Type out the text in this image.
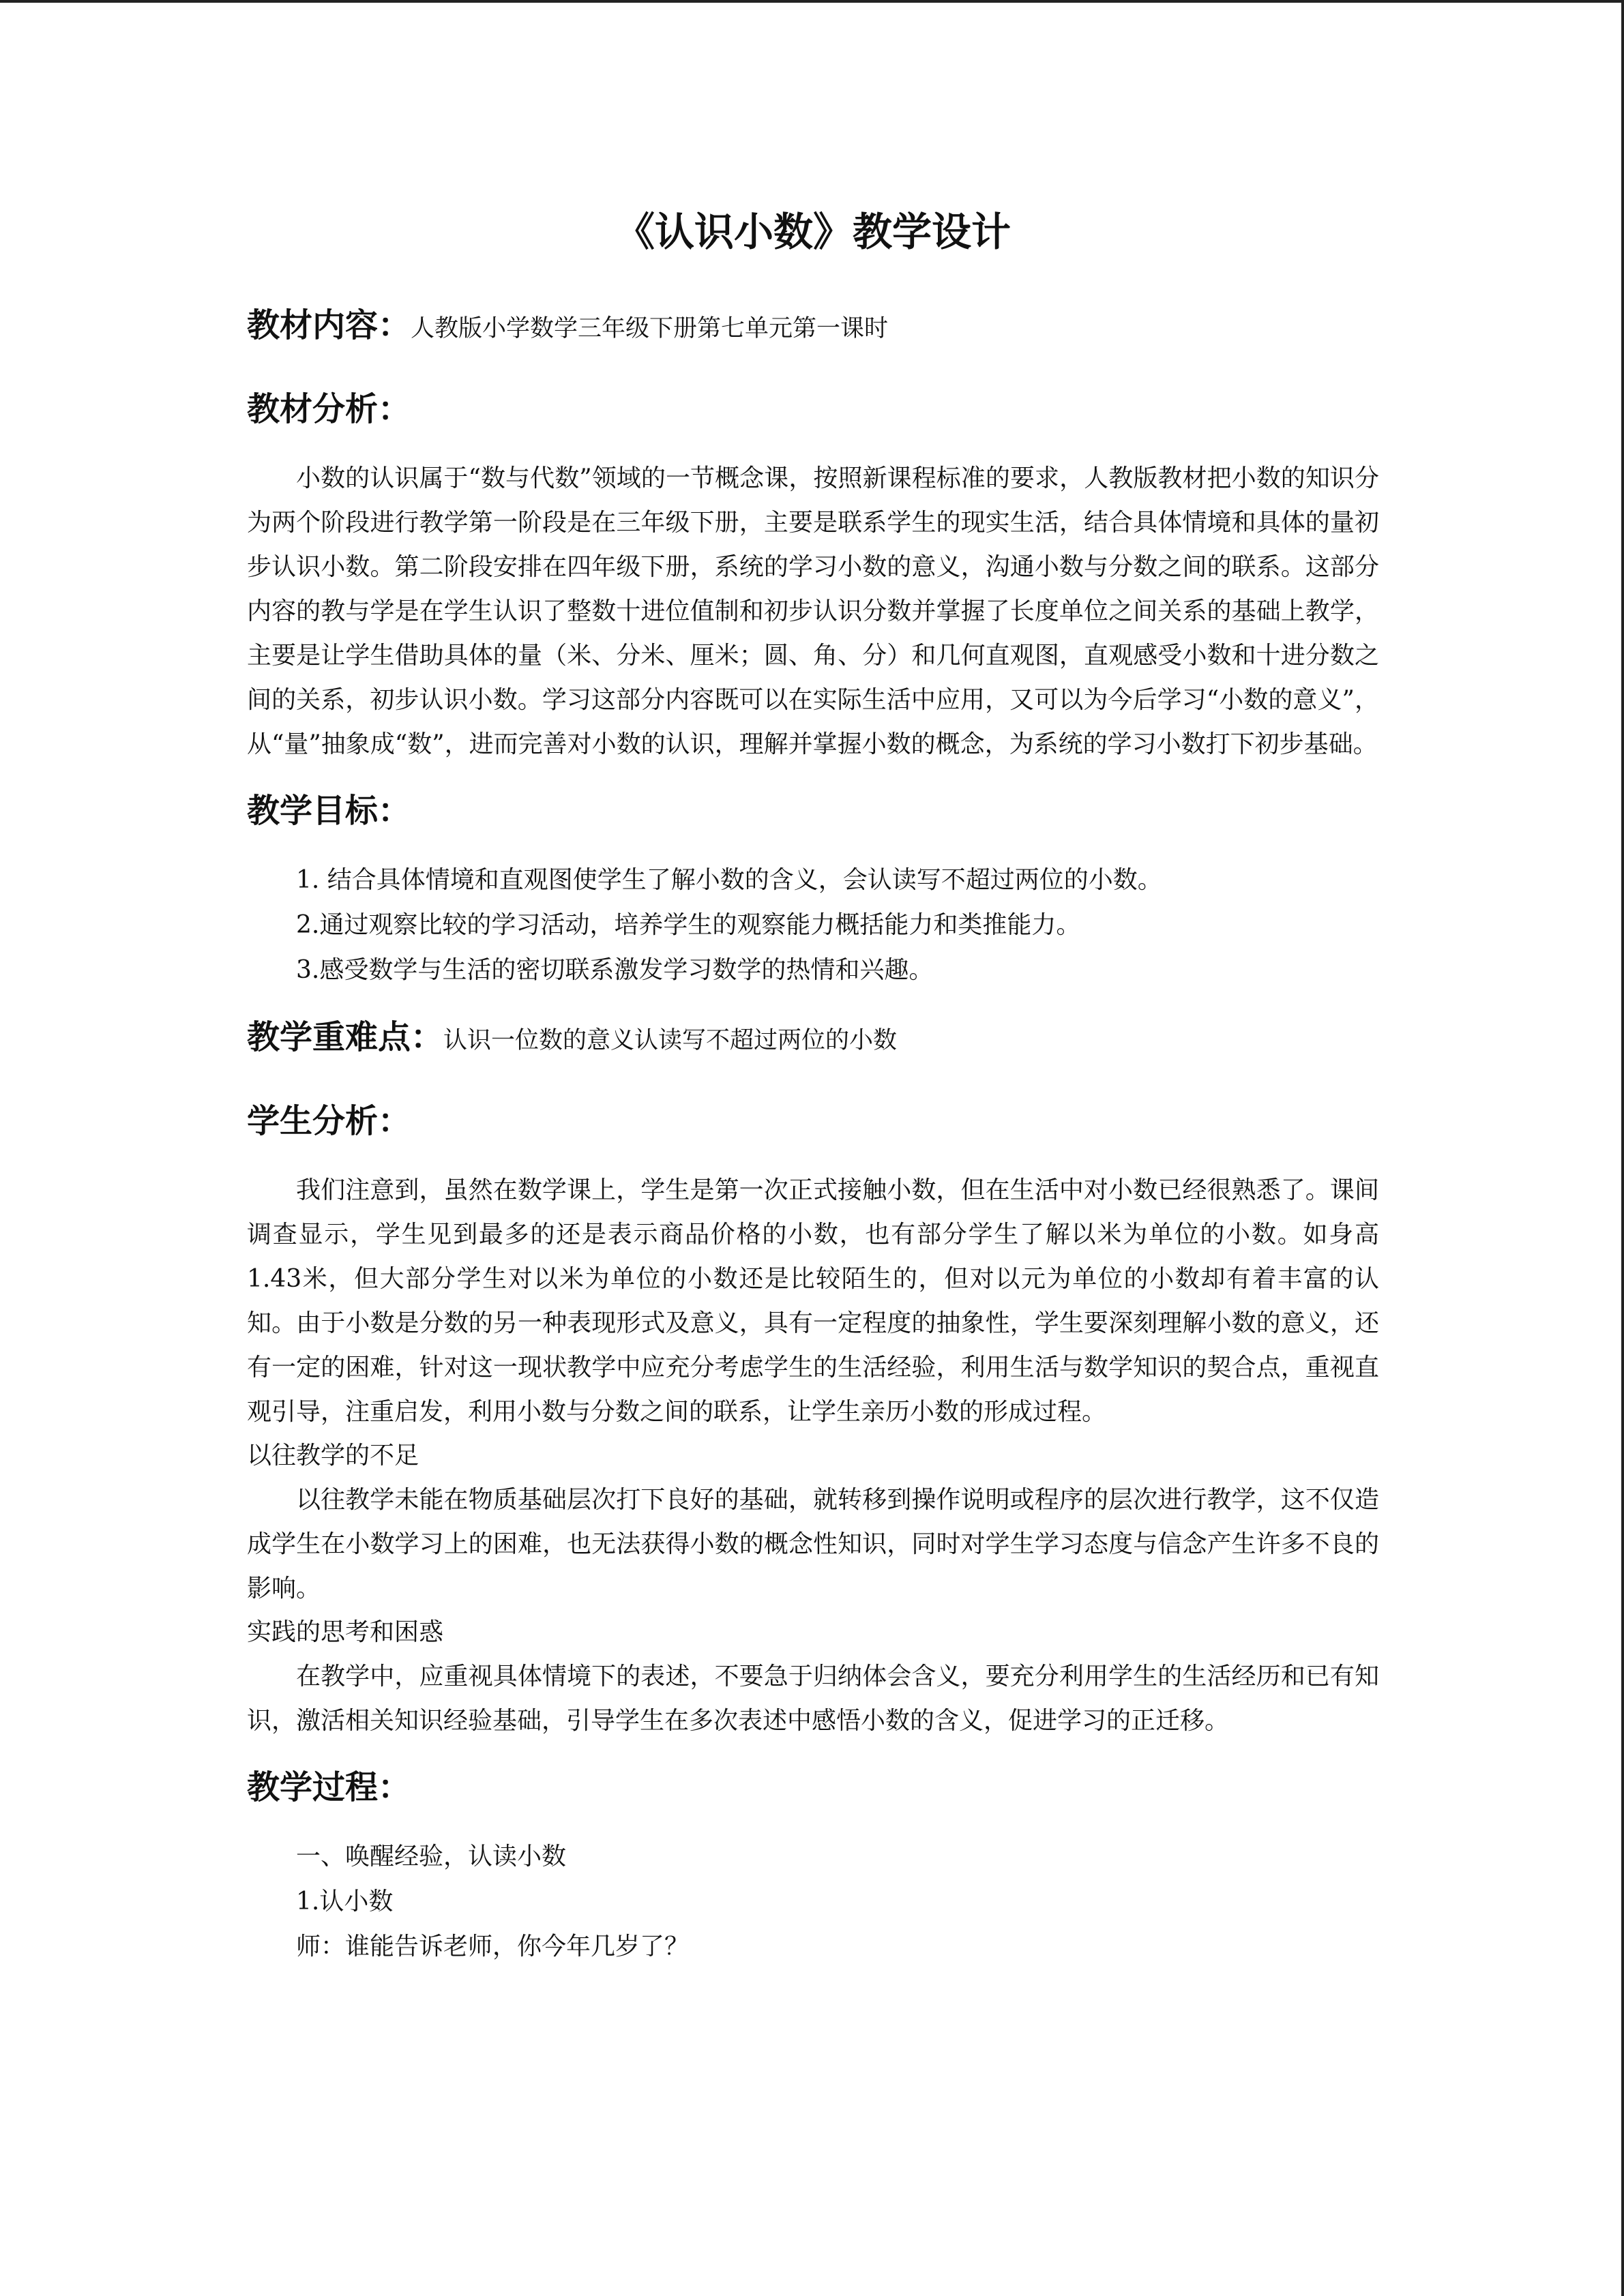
《认识小数》教学设计
教材内容：人教版小学数学三年级下册第七单元第一课时
教材分析：

小数的认识属于“数与代数”领域的一节概念课，按照新课程标准的要求，人教版教材把小数的知识分为两个阶段进行教学第一阶段是在三年级下册，主要是联系学生的现实生活，结合具体情境和具体的量初步认识小数。第二阶段安排在四年级下册，系统的学习小数的意义，沟通小数与分数之间的联系。这部分内容的教与学是在学生认识了整数十进位值制和初步认识分数并掌握了长度单位之间关系的基础上教学，主要是让学生借助具体的量（米、分米、厘米；圆、角、分）和几何直观图，直观感受小数和十进分数之间的关系，初步认识小数。学习这部分内容既可以在实际生活中应用，又可以为今后学习“小数的意义”，从“量”抽象成“数”，进而完善对小数的认识，理解并掌握小数的概念，为系统的学习小数打下初步基础。

教学目标：

1. 结合具体情境和直观图使学生了解小数的含义，会认读写不超过两位的小数。

2.通过观察比较的学习活动，培养学生的观察能力概括能力和类推能力。

3.感受数学与生活的密切联系激发学习数学的热情和兴趣。

教学重难点：认识一位数的意义认读写不超过两位的小数
学生分析：

我们注意到，虽然在数学课上，学生是第一次正式接触小数，但在生活中对小数已经很熟悉了。课间调查显示，学生见到最多的还是表示商品价格的小数，也有部分学生了解以米为单位的小数。如身高1.43米，但大部分学生对以米为单位的小数还是比较陌生的，但对以元为单位的小数却有着丰富的认知。由于小数是分数的另一种表现形式及意义，具有一定程度的抽象性，学生要深刻理解小数的意义，还有一定的困难，针对这一现状教学中应充分考虑学生的生活经验，利用生活与数学知识的契合点，重视直观引导，注重启发，利用小数与分数之间的联系，让学生亲历小数的形成过程。

以往教学的不足

以往教学未能在物质基础层次打下良好的基础，就转移到操作说明或程序的层次进行教学，这不仅造成学生在小数学习上的困难，也无法获得小数的概念性知识，同时对学生学习态度与信念产生许多不良的影响。

实践的思考和困惑

在教学中，应重视具体情境下的表述，不要急于归纳体会含义，要充分利用学生的生活经历和已有知识，激活相关知识经验基础，引导学生在多次表述中感悟小数的含义，促进学习的正迁移。

教学过程：

一、唤醒经验，认读小数

1.认小数

师：谁能告诉老师，你今年几岁了？
